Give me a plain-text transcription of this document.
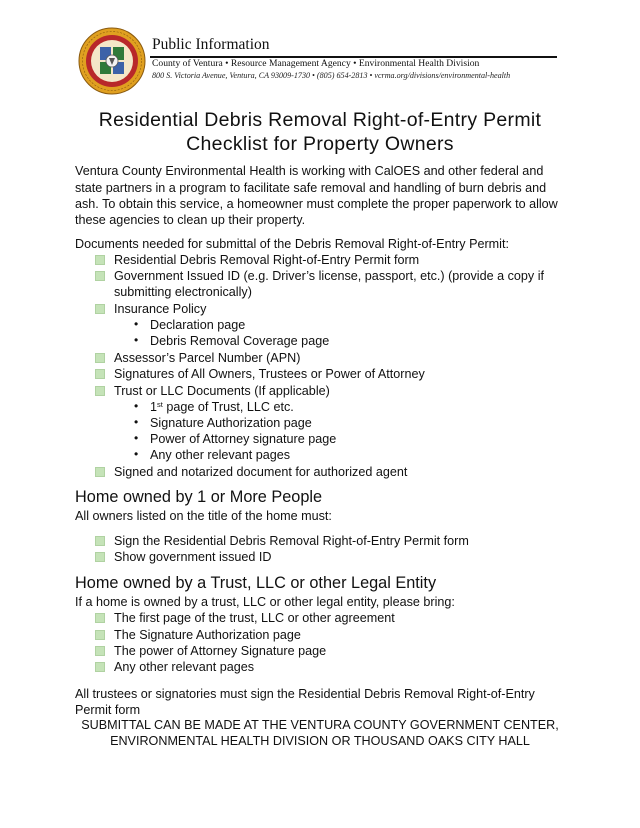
Public Information
County of Ventura • Resource Management Agency • Environmental Health Division
800 S. Victoria Avenue, Ventura, CA 93009-1730 • (805) 654-2813 • vcrma.org/divisions/environmental-health
Residential Debris Removal Right-of-Entry Permit
Checklist for Property Owners
Ventura County Environmental Health is working with CalOES and other federal and
state partners in a program to facilitate safe removal and handling of burn debris and
ash. To obtain this service, a homeowner must complete the proper paperwork to allow
these agencies to clean up their property.
Documents needed for submittal of the Debris Removal Right-of-Entry Permit:
Residential Debris Removal Right-of-Entry Permit form
Government Issued ID (e.g. Driver’s license, passport, etc.) (provide a copy if
submitting electronically)
Insurance Policy
• Declaration page
• Debris Removal Coverage page
Assessor’s Parcel Number (APN)
Signatures of All Owners, Trustees or Power of Attorney
Trust or LLC Documents (If applicable)
• 1st page of Trust, LLC etc.
• Signature Authorization page
• Power of Attorney signature page
• Any other relevant pages
Signed and notarized document for authorized agent
Home owned by 1 or More People
All owners listed on the title of the home must:
Sign the Residential Debris Removal Right-of-Entry Permit form
Show government issued ID
Home owned by a Trust, LLC or other Legal Entity
If a home is owned by a trust, LLC or other legal entity, please bring:
The first page of the trust, LLC or other agreement
The Signature Authorization page
The power of Attorney Signature page
Any other relevant pages
All trustees or signatories must sign the Residential Debris Removal Right-of-Entry
Permit form
SUBMITTAL CAN BE MADE AT THE VENTURA COUNTY GOVERNMENT CENTER,
ENVIRONMENTAL HEALTH DIVISION OR THOUSAND OAKS CITY HALL
